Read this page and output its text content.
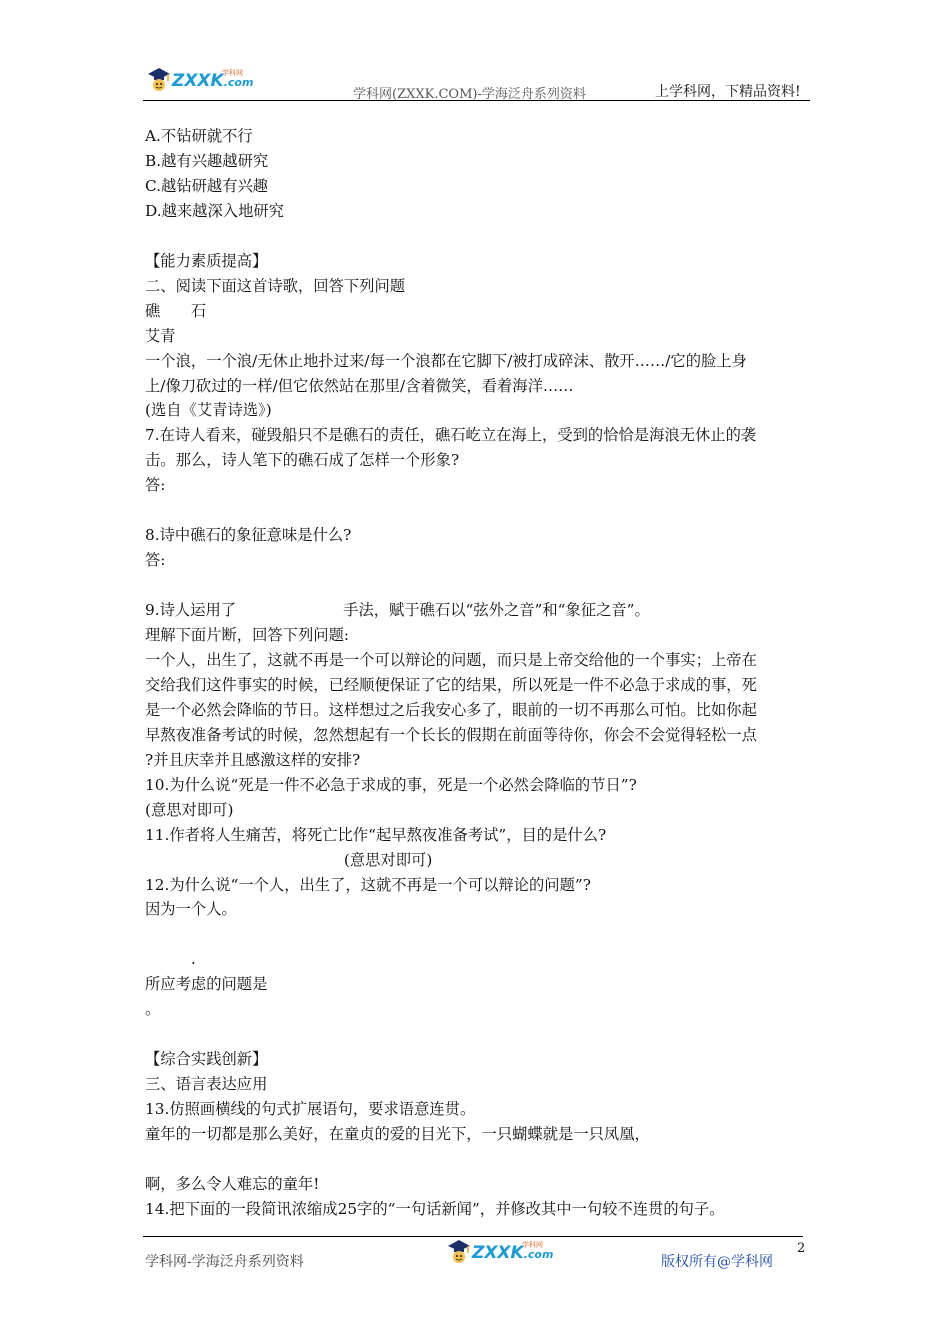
ZXXK.com
学科网
学科网(ZXXK.COM)-学海泛舟系列资料	上学科网，下精品资料!
A.不钻研就不行
B.越有兴趣越研究
C.越钻研越有兴趣
D.越来越深入地研究
【能力素质提高】
二、阅读下面这首诗歌，回答下列问题
礁　　石
艾青
一个浪，一个浪/无休止地扑过来/每一个浪都在它脚下/被打成碎沫、散开……/它的脸上身
上/像刀砍过的一样/但它依然站在那里/含着微笑，看着海洋……
(选自《艾青诗选》)
7.在诗人看来，碰毁船只不是礁石的责任，礁石屹立在海上，受到的恰恰是海浪无休止的袭
击。那么，诗人笔下的礁石成了怎样一个形象?
答:
8.诗中礁石的象征意味是什么?
答:
9.诗人运用了　　　　　　　手法，赋于礁石以“弦外之音”和“象征之音”。
理解下面片断，回答下列问题:
一个人，出生了，这就不再是一个可以辩论的问题，而只是上帝交给他的一个事实；上帝在
交给我们这件事实的时候，已经顺便保证了它的结果，所以死是一件不必急于求成的事，死
是一个必然会降临的节日。这样想过之后我安心多了，眼前的一切不再那么可怕。比如你起
早熬夜准备考试的时候，忽然想起有一个长长的假期在前面等待你，你会不会觉得轻松一点
?并且庆幸并且感激这样的安排?
10.为什么说“死是一件不必急于求成的事，死是一个必然会降临的节日”?
(意思对即可)
11.作者将人生痛苦，将死亡比作“起早熬夜准备考试”，目的是什么?
　　　　　　　　　　　　　(意思对即可)
12.为什么说“一个人，出生了，这就不再是一个可以辩论的问题”?
因为一个人。
　　　.
所应考虑的问题是
。
【综合实践创新】
三、语言表达应用
13.仿照画横线的句式扩展语句，要求语意连贯。
童年的一切都是那么美好，在童贞的爱的目光下，一只蝴蝶就是一只凤凰，
啊，多么令人难忘的童年!
14.把下面的一段简讯浓缩成25字的“一句话新闻”，并修改其中一句较不连贯的句子。
2
学科网-学海泛舟系列资料	ZXXK.com
学科网
版权所有@学科网
